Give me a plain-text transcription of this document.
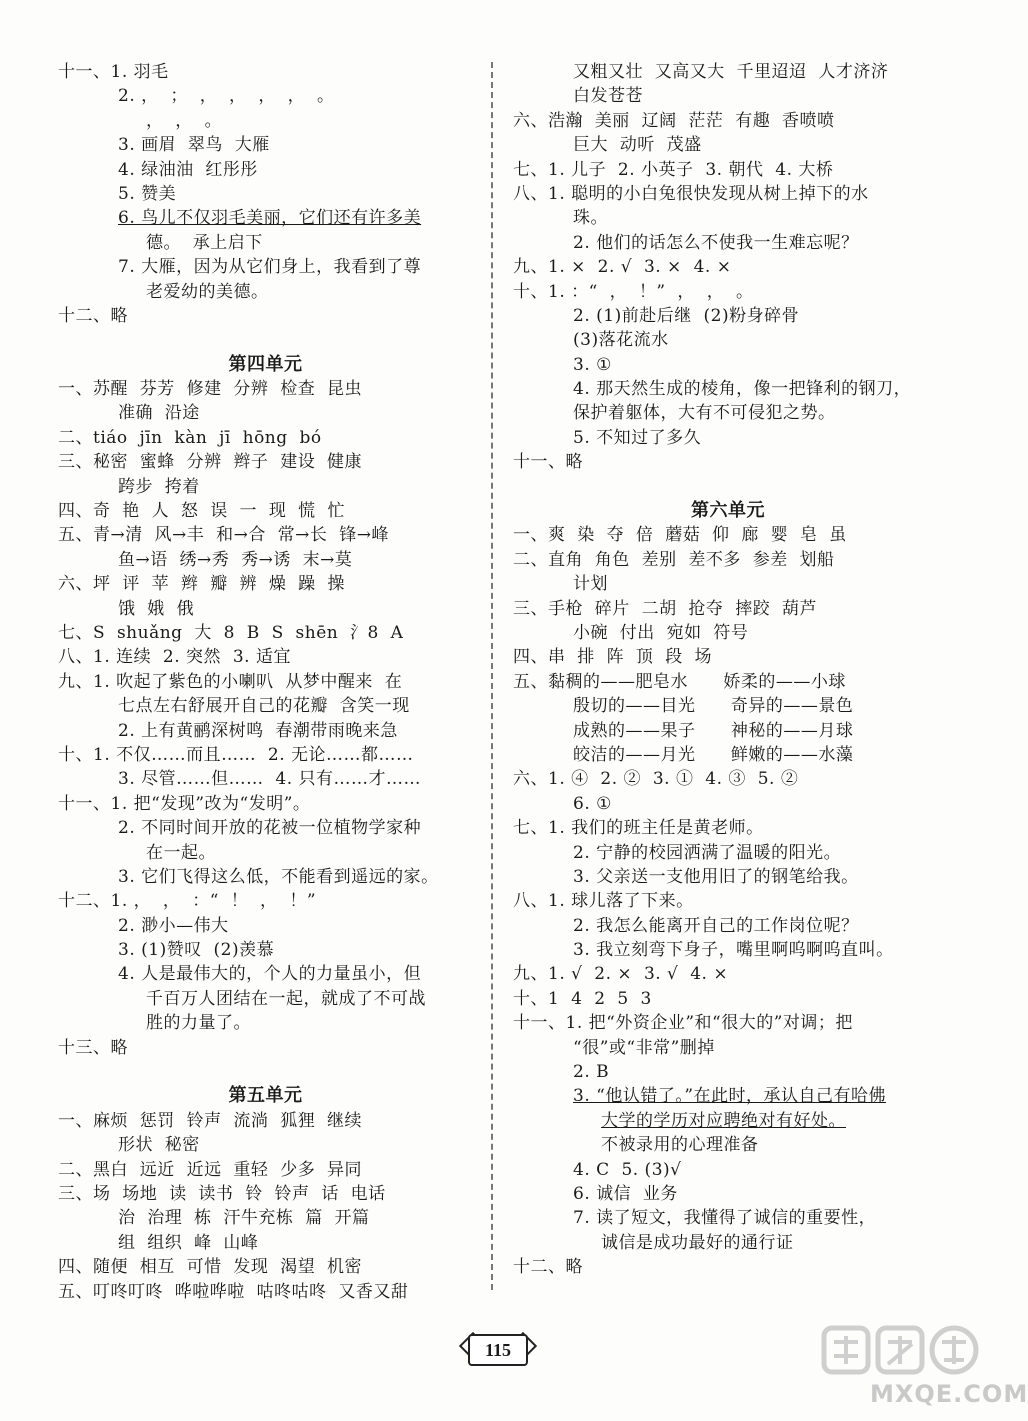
十一、1. 羽毛
2. ，  ；  ，  ，  ，  ，  。
，  ，  。
3. 画眉  翠鸟  大雁
4. 绿油油  红彤彤
5. 赞美
6. 鸟儿不仅羽毛美丽，它们还有许多美
德。  承上启下
7. 大雁，因为从它们身上，我看到了尊
老爱幼的美德。
十二、略
第四单元
一、苏醒  芬芳  修建  分辨  检查  昆虫
准确  沿途
二、tiáo  jīn  kàn  jī  hōng  bó
三、秘密  蜜蜂  分辨  辫子  建设  健康
跨步  挎着
四、奇  艳  人  怒  误  一  现  慌  忙
五、青→清  风→丰  和→合  常→长  锋→峰
鱼→语  绣→秀  秀→诱  末→莫
六、坪  评  苹  辫  瓣  辨  燥  躁  操
饿  娥  俄
七、S  shuǎng  大  8  B  S  shēn  氵8  A
八、1. 连续  2. 突然  3. 适宜
九、1. 吹起了紫色的小喇叭  从梦中醒来  在
七点左右舒展开自己的花瓣  含笑一现
2. 上有黄鹂深树鸣  春潮带雨晚来急
十、1. 不仅……而且……  2. 无论……都……
3. 尽管……但……  4. 只有……才……
十一、1. 把“发现”改为“发明”。
2. 不同时间开放的花被一位植物学家种
在一起。
3. 它们飞得这么低，不能看到遥远的家。
十二、1. ，  ，  ：“  ！  ，  ！”
2. 渺小—伟大
3. (1)赞叹  (2)羡慕
4. 人是最伟大的，个人的力量虽小，但
千百万人团结在一起，就成了不可战
胜的力量了。
十三、略
第五单元
一、麻烦  惩罚  铃声  流淌  狐狸  继续
形状  秘密
二、黑白  远近  近远  重轻  少多  异同
三、场  场地  读  读书  铃  铃声  话  电话
治  治理  栋  汗牛充栋  篇  开篇
组  组织  峰  山峰
四、随便  相互  可惜  发现  渴望  机密
五、叮咚叮咚  哗啦哗啦  咕咚咕咚  又香又甜
又粗又壮  又高又大  千里迢迢  人才济济
白发苍苍
六、浩瀚  美丽  辽阔  茫茫  有趣  香喷喷
巨大  动听  茂盛
七、1. 儿子  2. 小英子  3. 朝代  4. 大桥
八、1. 聪明的小白兔很快发现从树上掉下的水
珠。
2. 他们的话怎么不使我一生难忘呢？
九、1. ×  2. √  3. ×  4. ×
十、1. ：“  ，  ！”  ，  ，  。
2. (1)前赴后继  (2)粉身碎骨
(3)落花流水
3. ①
4. 那天然生成的棱角，像一把锋利的钢刀，
保护着躯体，大有不可侵犯之势。
5. 不知过了多久
十一、略
第六单元
一、爽  染  夺  倍  蘑菇  仰  廊  婴  皂  虽
二、直角  角色  差别  差不多  参差  划船
计划
三、手枪  碎片  二胡  抢夺  摔跤  葫芦
小碗  付出  宛如  符号
四、串  排  阵  顶  段  场
五、黏稠的——肥皂水      娇柔的——小球
殷切的——目光      奇异的——景色
成熟的——果子      神秘的——月球
皎洁的——月光      鲜嫩的——水藻
六、1. ④  2. ②  3. ①  4. ③  5. ②
6. ①
七、1. 我们的班主任是黄老师。
2. 宁静的校园洒满了温暖的阳光。
3. 父亲送一支他用旧了的钢笔给我。
八、1. 球儿落了下来。
2. 我怎么能离开自己的工作岗位呢？
3. 我立刻弯下身子，嘴里啊呜啊呜直叫。
九、1. √  2. ×  3. √  4. ×
十、1  4  2  5  3
十一、1. 把“外资企业”和“很大的”对调；把
“很”或“非常”删掉
2. B
3. “他认错了。”在此时，承认自己有哈佛
大学的学历对应聘绝对有好处。
不被录用的心理准备
4. C  5. (3)√
6. 诚信  业务
7. 读了短文，我懂得了诚信的重要性，
诚信是成功最好的通行证
十二、略
115
MXQE.COM
